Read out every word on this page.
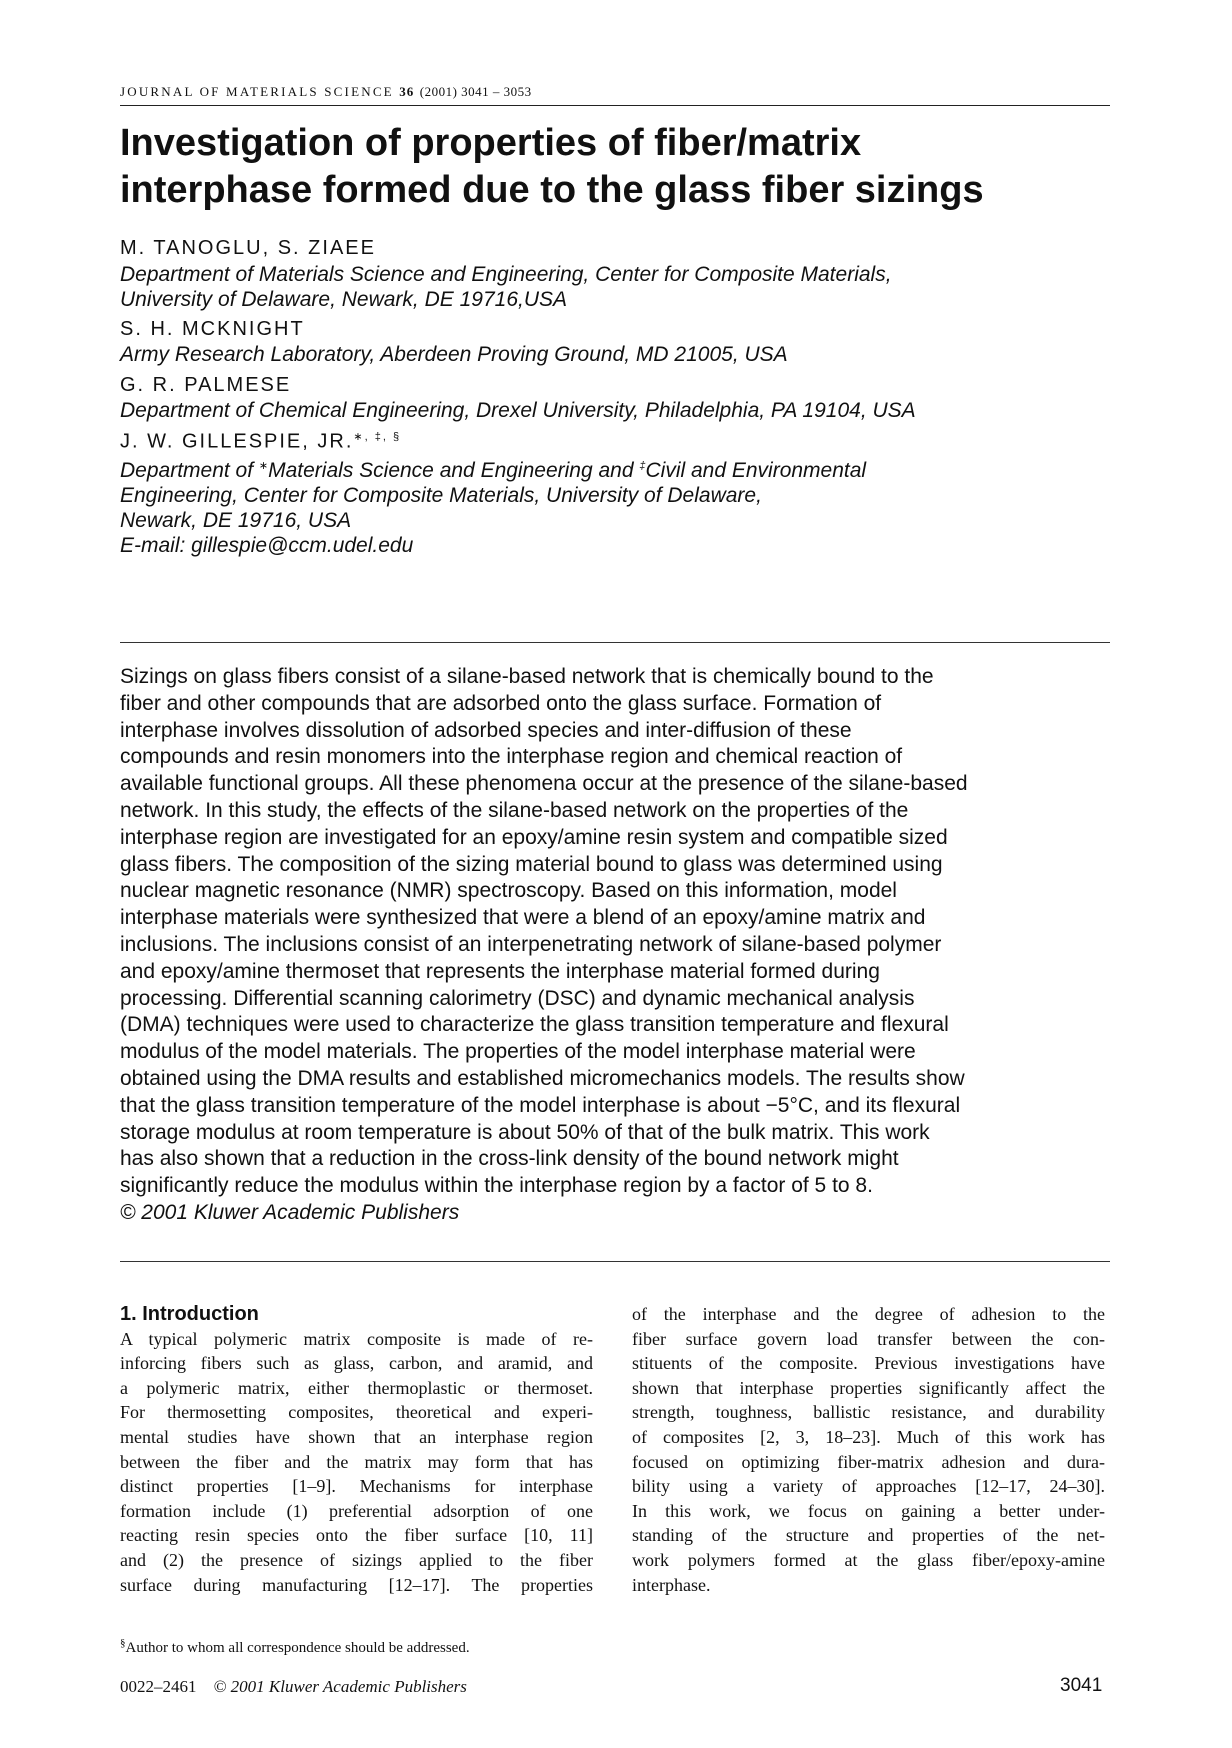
JOURNAL OF MATERIALS SCIENCE 36 (2001) 3041 – 3053
Investigation of properties of fiber/matrix
interphase formed due to the glass fiber sizings
M. TANOGLU, S. ZIAEE
Department of Materials Science and Engineering, Center for Composite Materials,
University of Delaware, Newark, DE 19716,USA
S. H. MCKNIGHT
Army Research Laboratory, Aberdeen Proving Ground, MD 21005, USA
G. R. PALMESE
Department of Chemical Engineering, Drexel University, Philadelphia, PA 19104, USA
J. W. GILLESPIE, JR.∗, ‡, §
Department of ∗Materials Science and Engineering and ‡Civil and Environmental
Engineering, Center for Composite Materials, University of Delaware,
Newark, DE 19716, USA
E-mail: gillespie@ccm.udel.edu
Sizings on glass fibers consist of a silane-based network that is chemically bound to the
fiber and other compounds that are adsorbed onto the glass surface. Formation of
interphase involves dissolution of adsorbed species and inter-diffusion of these
compounds and resin monomers into the interphase region and chemical reaction of
available functional groups. All these phenomena occur at the presence of the silane-based
network. In this study, the effects of the silane-based network on the properties of the
interphase region are investigated for an epoxy/amine resin system and compatible sized
glass fibers. The composition of the sizing material bound to glass was determined using
nuclear magnetic resonance (NMR) spectroscopy. Based on this information, model
interphase materials were synthesized that were a blend of an epoxy/amine matrix and
inclusions. The inclusions consist of an interpenetrating network of silane-based polymer
and epoxy/amine thermoset that represents the interphase material formed during
processing. Differential scanning calorimetry (DSC) and dynamic mechanical analysis
(DMA) techniques were used to characterize the glass transition temperature and flexural
modulus of the model materials. The properties of the model interphase material were
obtained using the DMA results and established micromechanics models. The results show
that the glass transition temperature of the model interphase is about −5°C, and its flexural
storage modulus at room temperature is about 50% of that of the bulk matrix. This work
has also shown that a reduction in the cross-link density of the bound network might
significantly reduce the modulus within the interphase region by a factor of 5 to 8.
© 2001 Kluwer Academic Publishers
1. Introduction
A typical polymeric matrix composite is made of re-
inforcing fibers such as glass, carbon, and aramid, and
a polymeric matrix, either thermoplastic or thermoset.
For thermosetting composites, theoretical and experi-
mental studies have shown that an interphase region
between the fiber and the matrix may form that has
distinct properties [1–9]. Mechanisms for interphase
formation include (1) preferential adsorption of one
reacting resin species onto the fiber surface [10, 11]
and (2) the presence of sizings applied to the fiber
surface during manufacturing [12–17]. The properties
of the interphase and the degree of adhesion to the
fiber surface govern load transfer between the con-
stituents of the composite. Previous investigations have
shown that interphase properties significantly affect the
strength, toughness, ballistic resistance, and durability
of composites [2, 3, 18–23]. Much of this work has
focused on optimizing fiber-matrix adhesion and dura-
bility using a variety of approaches [12–17, 24–30].
In this work, we focus on gaining a better under-
standing of the structure and properties of the net-
work polymers formed at the glass fiber/epoxy-amine
interphase.
§Author to whom all correspondence should be addressed.
0022–2461 © 2001 Kluwer Academic Publishers	3041
